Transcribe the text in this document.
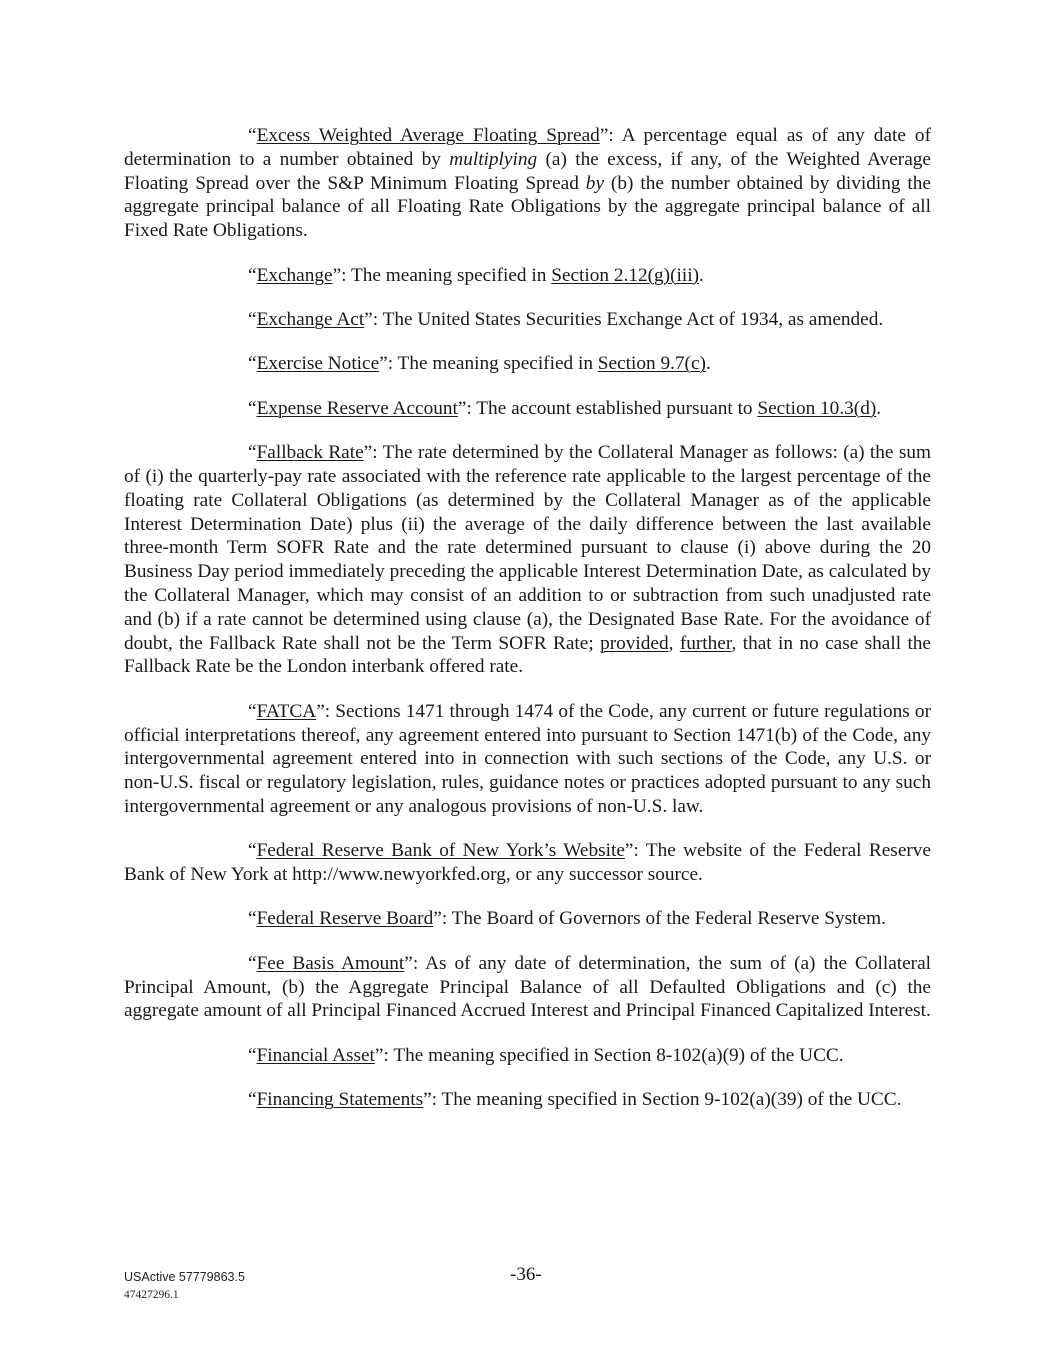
“Excess Weighted Average Floating Spread”: A percentage equal as of any date of determination to a number obtained by multiplying (a) the excess, if any, of the Weighted Average Floating Spread over the S&P Minimum Floating Spread by (b) the number obtained by dividing the aggregate principal balance of all Floating Rate Obligations by the aggregate principal balance of all Fixed Rate Obligations.

“Exchange”: The meaning specified in Section 2.12(g)(iii).

“Exchange Act”: The United States Securities Exchange Act of 1934, as amended.

“Exercise Notice”: The meaning specified in Section 9.7(c).

“Expense Reserve Account”: The account established pursuant to Section 10.3(d).

“Fallback Rate”: The rate determined by the Collateral Manager as follows: (a) the sum of (i) the quarterly-pay rate associated with the reference rate applicable to the largest percentage of the floating rate Collateral Obligations (as determined by the Collateral Manager as of the applicable Interest Determination Date) plus (ii) the average of the daily difference between the last available three-month Term SOFR Rate and the rate determined pursuant to clause (i) above during the 20 Business Day period immediately preceding the applicable Interest Determination Date, as calculated by the Collateral Manager, which may consist of an addition to or subtraction from such unadjusted rate and (b) if a rate cannot be determined using clause (a), the Designated Base Rate. For the avoidance of doubt, the Fallback Rate shall not be the Term SOFR Rate; provided, further, that in no case shall the Fallback Rate be the London interbank offered rate.

“FATCA”: Sections 1471 through 1474 of the Code, any current or future regulations or official interpretations thereof, any agreement entered into pursuant to Section 1471(b) of the Code, any intergovernmental agreement entered into in connection with such sections of the Code, any U.S. or non-U.S. fiscal or regulatory legislation, rules, guidance notes or practices adopted pursuant to any such intergovernmental agreement or any analogous provisions of non-U.S. law.

“Federal Reserve Bank of New York’s Website”: The website of the Federal Reserve Bank of New York at http://www.newyorkfed.org, or any successor source.

“Federal Reserve Board”: The Board of Governors of the Federal Reserve System.

“Fee Basis Amount”: As of any date of determination, the sum of (a) the Collateral Principal Amount, (b) the Aggregate Principal Balance of all Defaulted Obligations and (c) the aggregate amount of all Principal Financed Accrued Interest and Principal Financed Capitalized Interest.

“Financial Asset”: The meaning specified in Section 8-102(a)(9) of the UCC.

“Financing Statements”: The meaning specified in Section 9-102(a)(39) of the UCC.

USActive 57779863.5
47427296.1
-36-
